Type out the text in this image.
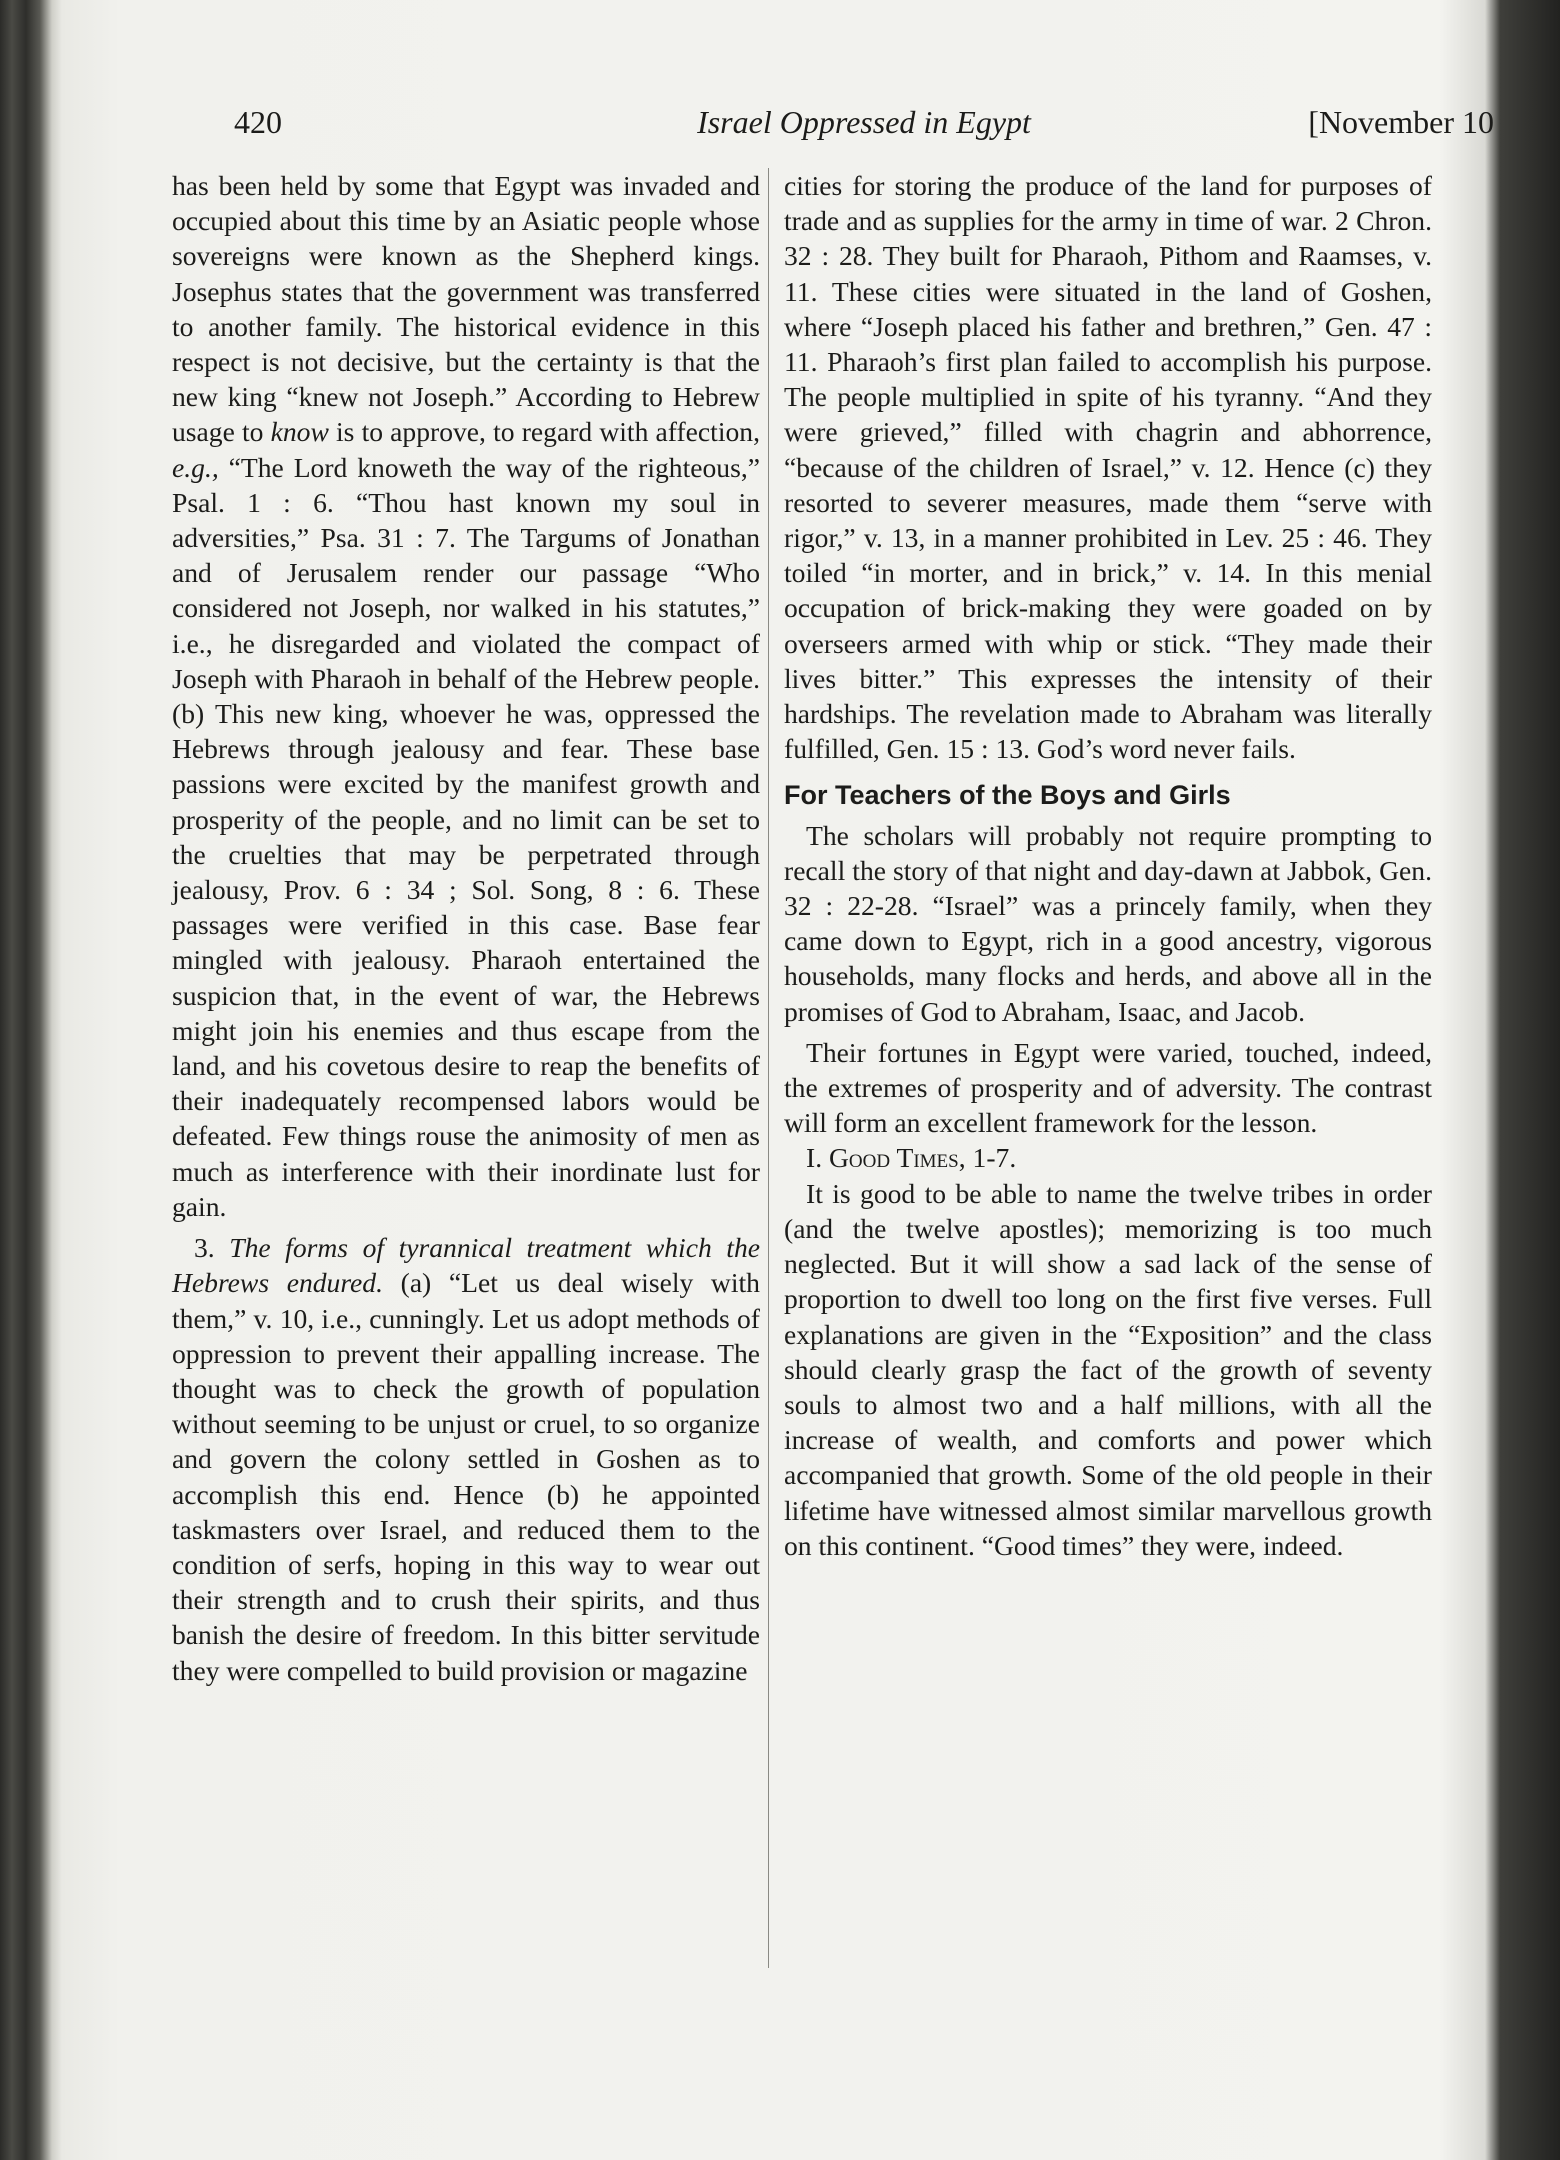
420	Israel Oppressed in Egypt	[November 10

has been held by some that Egypt was invaded and occupied about this time by an Asiatic people whose sovereigns were known as the Shepherd kings. Josephus states that the government was transferred to another family. The historical evidence in this respect is not decisive, but the certainty is that the new king “knew not Joseph.” According to Hebrew usage to know is to approve, to regard with affection, e.g., “The Lord knoweth the way of the righteous,” Psal. 1 : 6. “Thou hast known my soul in adversities,” Psa. 31 : 7. The Targums of Jonathan and of Jerusalem render our passage “Who considered not Joseph, nor walked in his statutes,” i.e., he disregarded and violated the compact of Joseph with Pharaoh in behalf of the Hebrew people. (b) This new king, whoever he was, oppressed the Hebrews through jealousy and fear. These base passions were excited by the manifest growth and prosperity of the people, and no limit can be set to the cruelties that may be perpetrated through jealousy, Prov. 6 : 34 ; Sol. Song, 8 : 6. These passages were verified in this case. Base fear mingled with jealousy. Pharaoh entertained the suspicion that, in the event of war, the Hebrews might join his enemies and thus escape from the land, and his covetous desire to reap the benefits of their inadequately recompensed labors would be defeated. Few things rouse the animosity of men as much as interference with their inordinate lust for gain.

3. The forms of tyrannical treatment which the Hebrews endured. (a) “Let us deal wisely with them,” v. 10, i.e., cunningly. Let us adopt methods of oppression to prevent their appalling increase. The thought was to check the growth of population without seeming to be unjust or cruel, to so organize and govern the colony settled in Goshen as to accomplish this end. Hence (b) he appointed taskmasters over Israel, and reduced them to the condition of serfs, hoping in this way to wear out their strength and to crush their spirits, and thus banish the desire of freedom. In this bitter servitude they were compelled to build provision or magazine

cities for storing the produce of the land for purposes of trade and as supplies for the army in time of war. 2 Chron. 32 : 28. They built for Pharaoh, Pithom and Raamses, v. 11. These cities were situated in the land of Goshen, where “Joseph placed his father and brethren,” Gen. 47 : 11. Pharaoh’s first plan failed to accomplish his purpose. The people multiplied in spite of his tyranny. “And they were grieved,” filled with chagrin and abhorrence, “because of the children of Israel,” v. 12. Hence (c) they resorted to severer measures, made them “serve with rigor,” v. 13, in a manner prohibited in Lev. 25 : 46. They toiled “in morter, and in brick,” v. 14. In this menial occupation of brick-making they were goaded on by overseers armed with whip or stick. “They made their lives bitter.” This expresses the intensity of their hardships. The revelation made to Abraham was literally fulfilled, Gen. 15 : 13. God’s word never fails.

For Teachers of the Boys and Girls

The scholars will probably not require prompting to recall the story of that night and day-dawn at Jabbok, Gen. 32 : 22-28. “Israel” was a princely family, when they came down to Egypt, rich in a good ancestry, vigorous households, many flocks and herds, and above all in the promises of God to Abraham, Isaac, and Jacob.

Their fortunes in Egypt were varied, touched, indeed, the extremes of prosperity and of adversity. The contrast will form an excellent framework for the lesson.

I. Good Times, 1-7.

It is good to be able to name the twelve tribes in order (and the twelve apostles); memorizing is too much neglected. But it will show a sad lack of the sense of proportion to dwell too long on the first five verses. Full explanations are given in the “Exposition” and the class should clearly grasp the fact of the growth of seventy souls to almost two and a half millions, with all the increase of wealth, and comforts and power which accompanied that growth. Some of the old people in their lifetime have witnessed almost similar marvellous growth on this continent. “Good times” they were, indeed.
